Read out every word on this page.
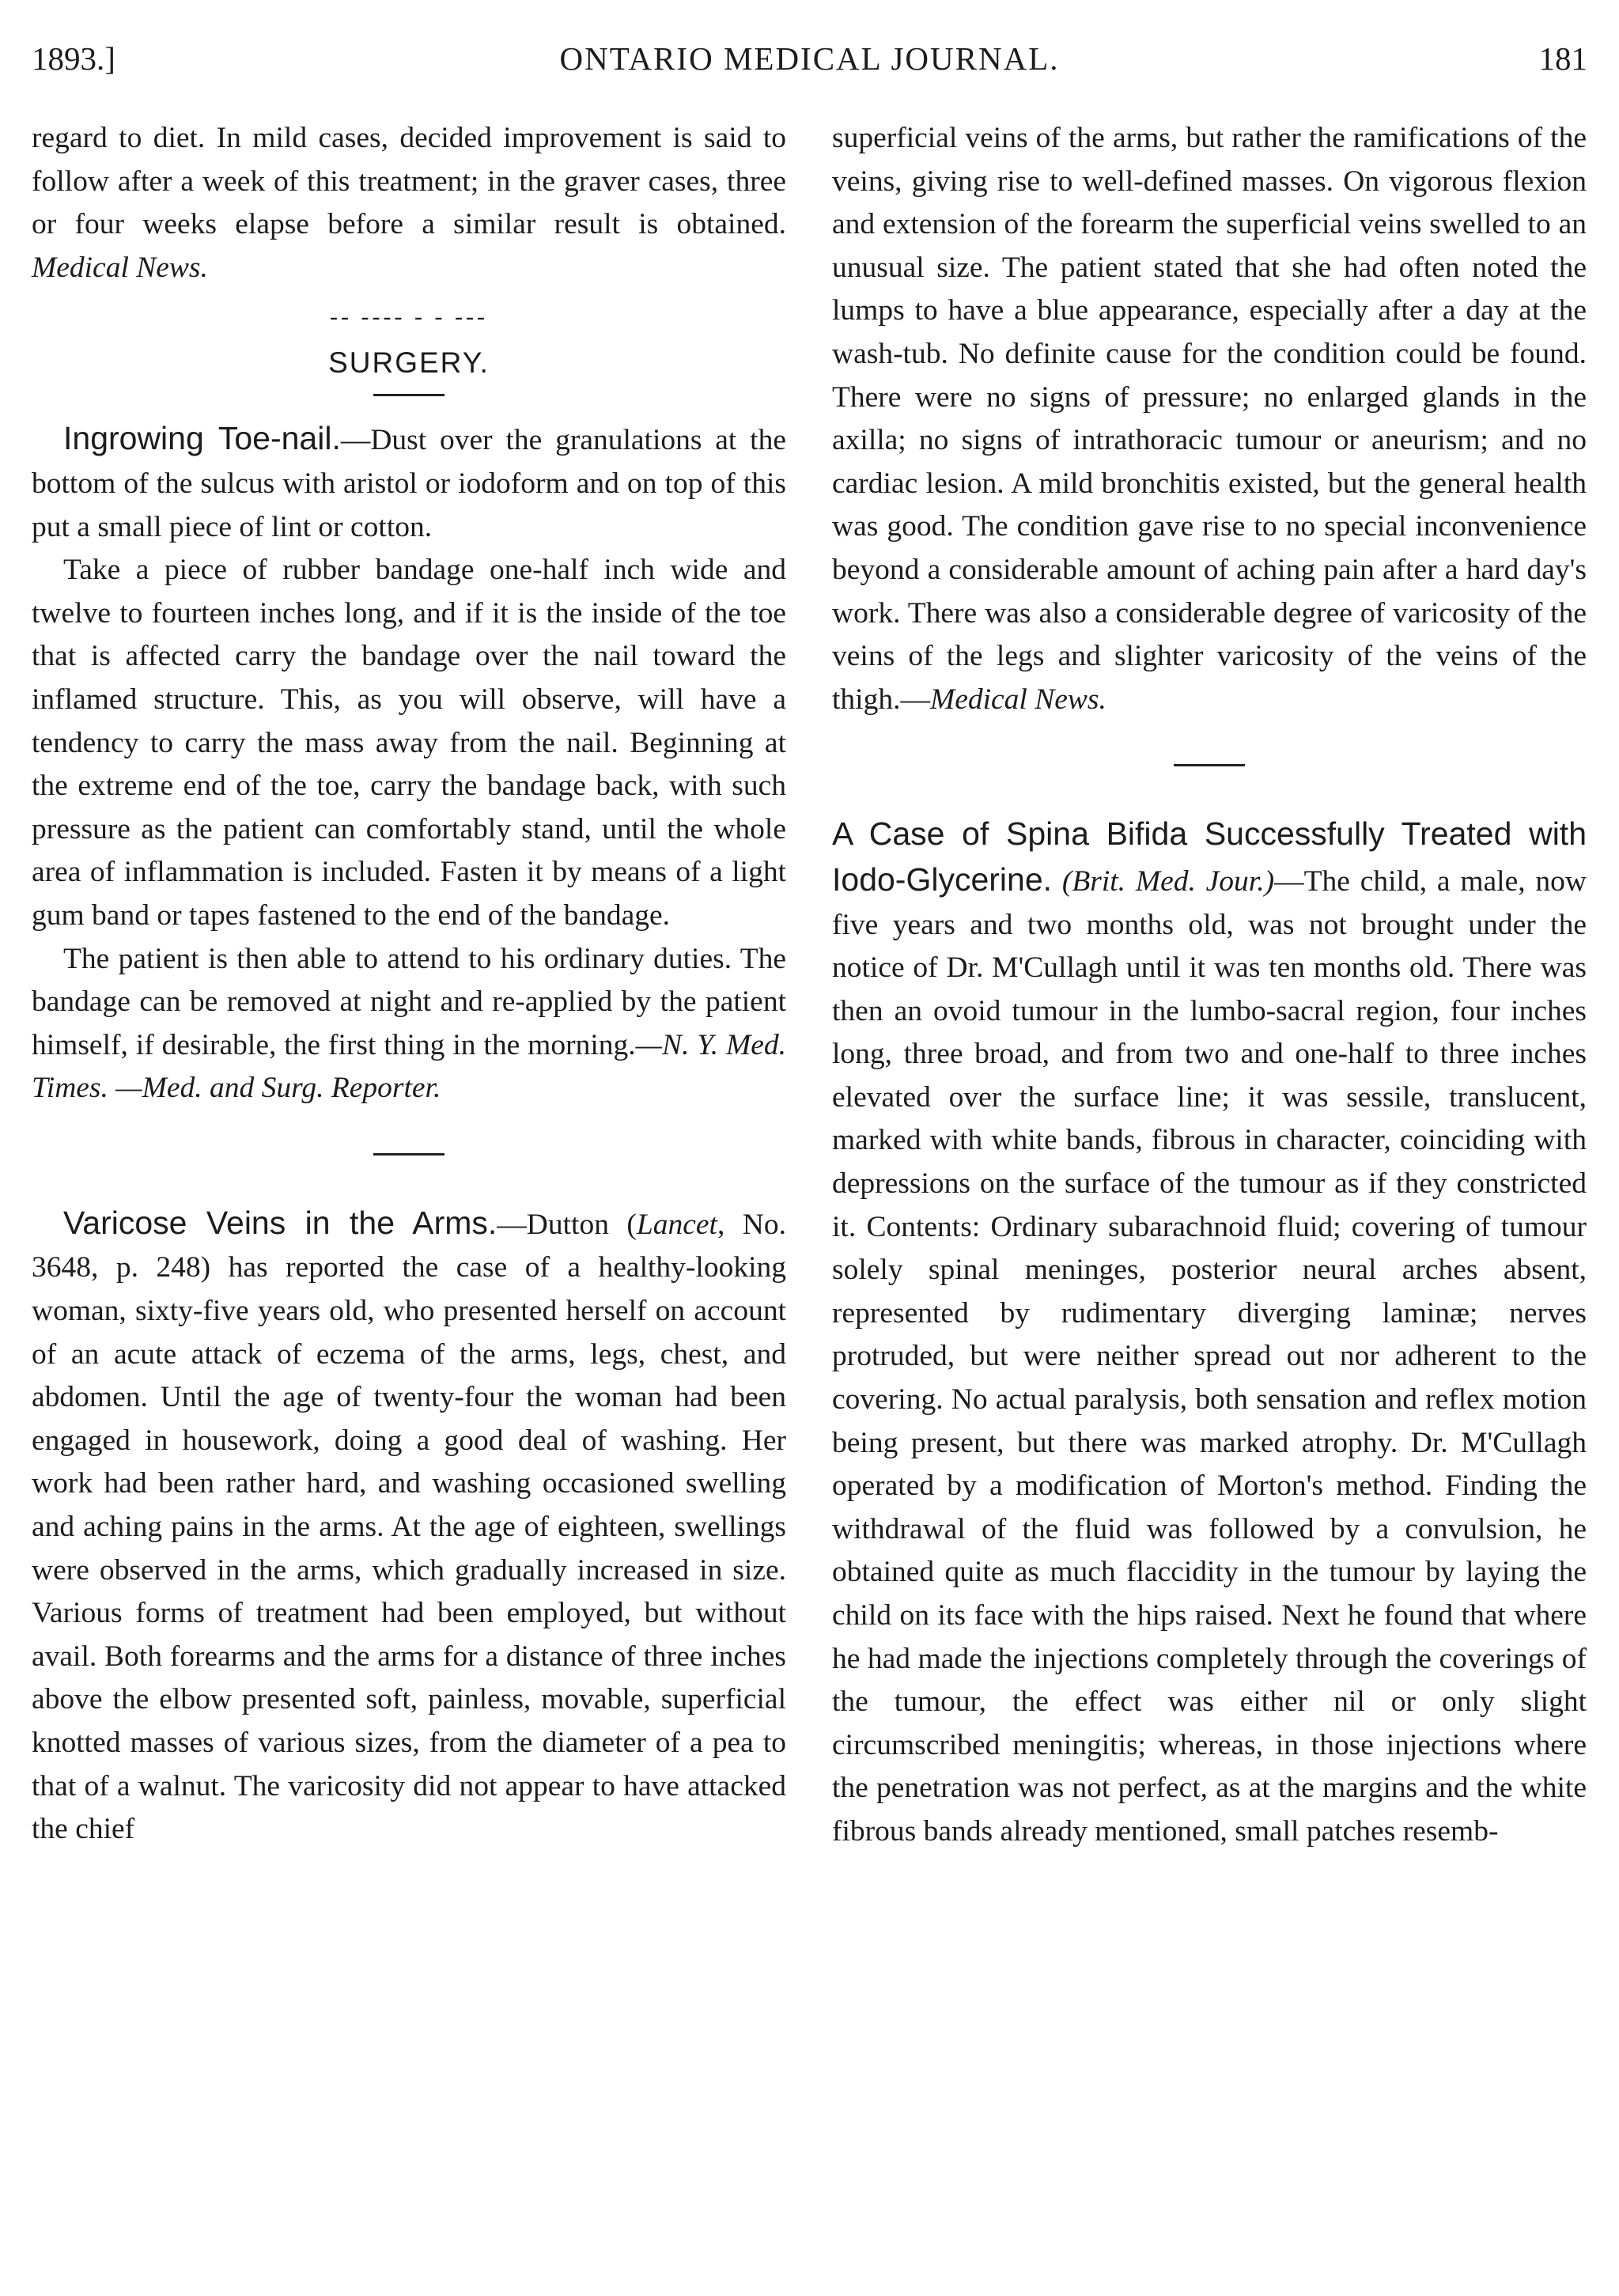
1893.]	ONTARIO MEDICAL JOURNAL.	181

regard to diet. In mild cases, decided improvement is said to follow after a week of this treatment; in the graver cases, three or four weeks elapse before a similar result is obtained. Medical News.

-- ---- - - ---
SURGERY.

Ingrowing Toe-nail.—Dust over the granulations at the bottom of the sulcus with aristol or iodoform and on top of this put a small piece of lint or cotton.

Take a piece of rubber bandage one-half inch wide and twelve to fourteen inches long, and if it is the inside of the toe that is affected carry the bandage over the nail toward the inflamed structure. This, as you will observe, will have a tendency to carry the mass away from the nail. Beginning at the extreme end of the toe, carry the bandage back, with such pressure as the patient can comfortably stand, until the whole area of inflammation is included. Fasten it by means of a light gum band or tapes fastened to the end of the bandage.

The patient is then able to attend to his ordinary duties. The bandage can be removed at night and re-applied by the patient himself, if desirable, the first thing in the morning.—N. Y. Med. Times. —Med. and Surg. Reporter.

Varicose Veins in the Arms.—Dutton (Lancet, No. 3648, p. 248) has reported the case of a healthy-looking woman, sixty-five years old, who presented herself on account of an acute attack of eczema of the arms, legs, chest, and abdomen. Until the age of twenty-four the woman had been engaged in housework, doing a good deal of washing. Her work had been rather hard, and washing occasioned swelling and aching pains in the arms. At the age of eighteen, swellings were observed in the arms, which gradually increased in size. Various forms of treatment had been employed, but without avail. Both forearms and the arms for a distance of three inches above the elbow presented soft, painless, movable, superficial knotted masses of various sizes, from the diameter of a pea to that of a walnut. The varicosity did not appear to have attacked the chief

superficial veins of the arms, but rather the ramifications of the veins, giving rise to well-defined masses. On vigorous flexion and extension of the forearm the superficial veins swelled to an unusual size. The patient stated that she had often noted the lumps to have a blue appearance, especially after a day at the wash-tub. No definite cause for the condition could be found. There were no signs of pressure; no enlarged glands in the axilla; no signs of intrathoracic tumour or aneurism; and no cardiac lesion. A mild bronchitis existed, but the general health was good. The condition gave rise to no special inconvenience beyond a considerable amount of aching pain after a hard day's work. There was also a considerable degree of varicosity of the veins of the legs and slighter varicosity of the veins of the thigh.—Medical News.

A Case of Spina Bifida Successfully Treated with Iodo-Glycerine. (Brit. Med. Jour.)—The child, a male, now five years and two months old, was not brought under the notice of Dr. M'Cullagh until it was ten months old. There was then an ovoid tumour in the lumbo-sacral region, four inches long, three broad, and from two and one-half to three inches elevated over the surface line; it was sessile, translucent, marked with white bands, fibrous in character, coinciding with depressions on the surface of the tumour as if they constricted it. Contents: Ordinary subarachnoid fluid; covering of tumour solely spinal meninges, posterior neural arches absent, represented by rudimentary diverging laminæ; nerves protruded, but were neither spread out nor adherent to the covering. No actual paralysis, both sensation and reflex motion being present, but there was marked atrophy. Dr. M'Cullagh operated by a modification of Morton's method. Finding the withdrawal of the fluid was followed by a convulsion, he obtained quite as much flaccidity in the tumour by laying the child on its face with the hips raised. Next he found that where he had made the injections completely through the coverings of the tumour, the effect was either nil or only slight circumscribed meningitis; whereas, in those injections where the penetration was not perfect, as at the margins and the white fibrous bands already mentioned, small patches resemb-
